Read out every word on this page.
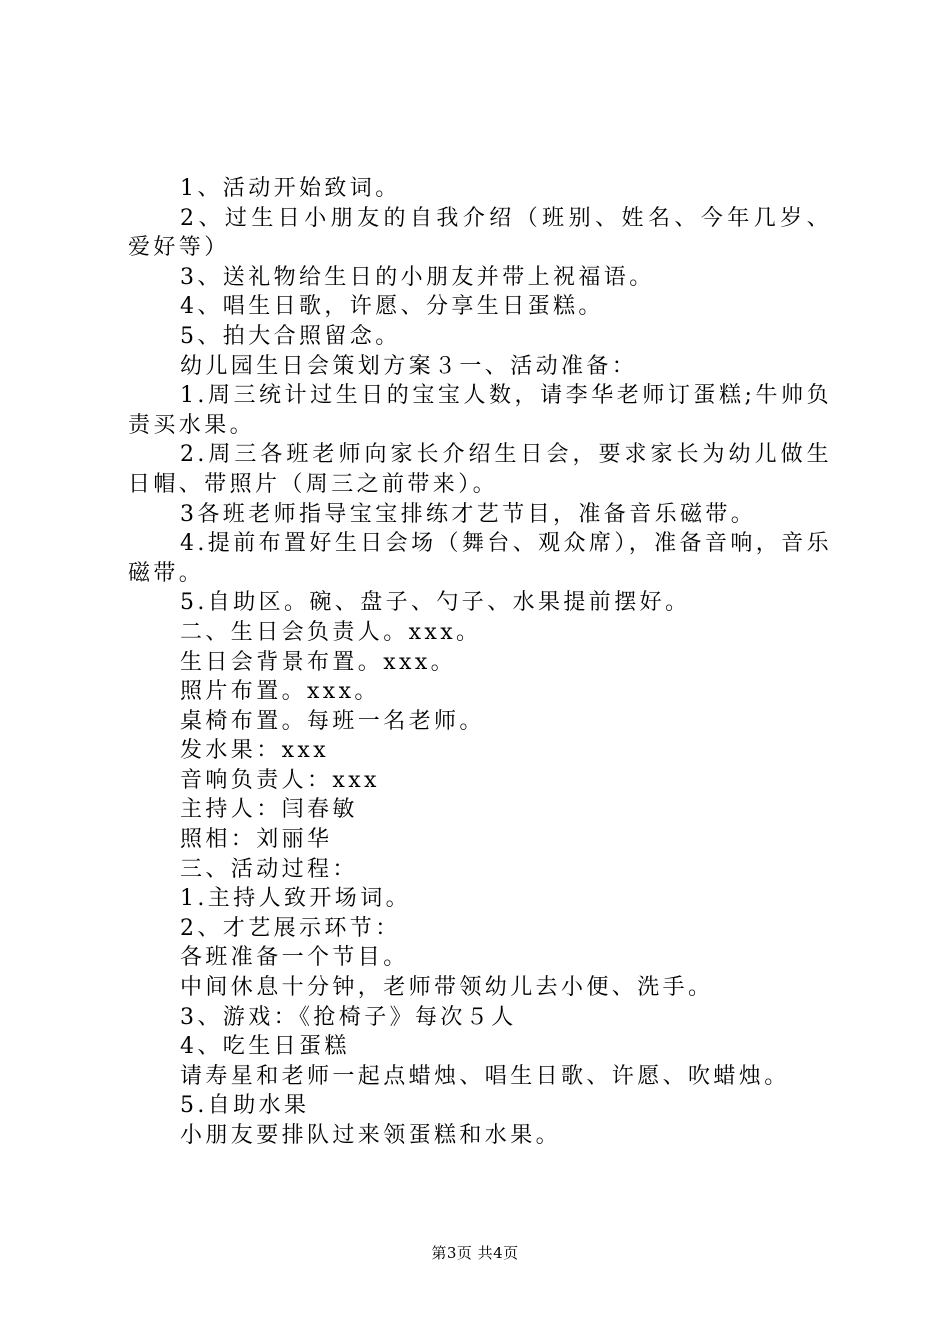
1、活动开始致词。

2、过生日小朋友的自我介绍（班别、姓名、今年几岁、爱好等）

3、送礼物给生日的小朋友并带上祝福语。

4、唱生日歌，许愿、分享生日蛋糕。

5、拍大合照留念。

幼儿园生日会策划方案３一、活动准备：

1.周三统计过生日的宝宝人数，请李华老师订蛋糕;牛帅负责买水果。

2.周三各班老师向家长介绍生日会，要求家长为幼儿做生日帽、带照片（周三之前带来）。

3各班老师指导宝宝排练才艺节目，准备音乐磁带。

4.提前布置好生日会场（舞台、观众席），准备音响，音乐磁带。

5.自助区。碗、盘子、勺子、水果提前摆好。

二、生日会负责人。xxx。

生日会背景布置。xxx。

照片布置。xxx。

桌椅布置。每班一名老师。

发水果：xxx

音响负责人：xxx

主持人：闫春敏

照相：刘丽华

三、活动过程：

1.主持人致开场词。

2、才艺展示环节：

各班准备一个节目。

中间休息十分钟，老师带领幼儿去小便、洗手。

3、游戏：《抢椅子》每次５人

4、吃生日蛋糕

请寿星和老师一起点蜡烛、唱生日歌、许愿、吹蜡烛。

5.自助水果

小朋友要排队过来领蛋糕和水果。

第3页 共4页
